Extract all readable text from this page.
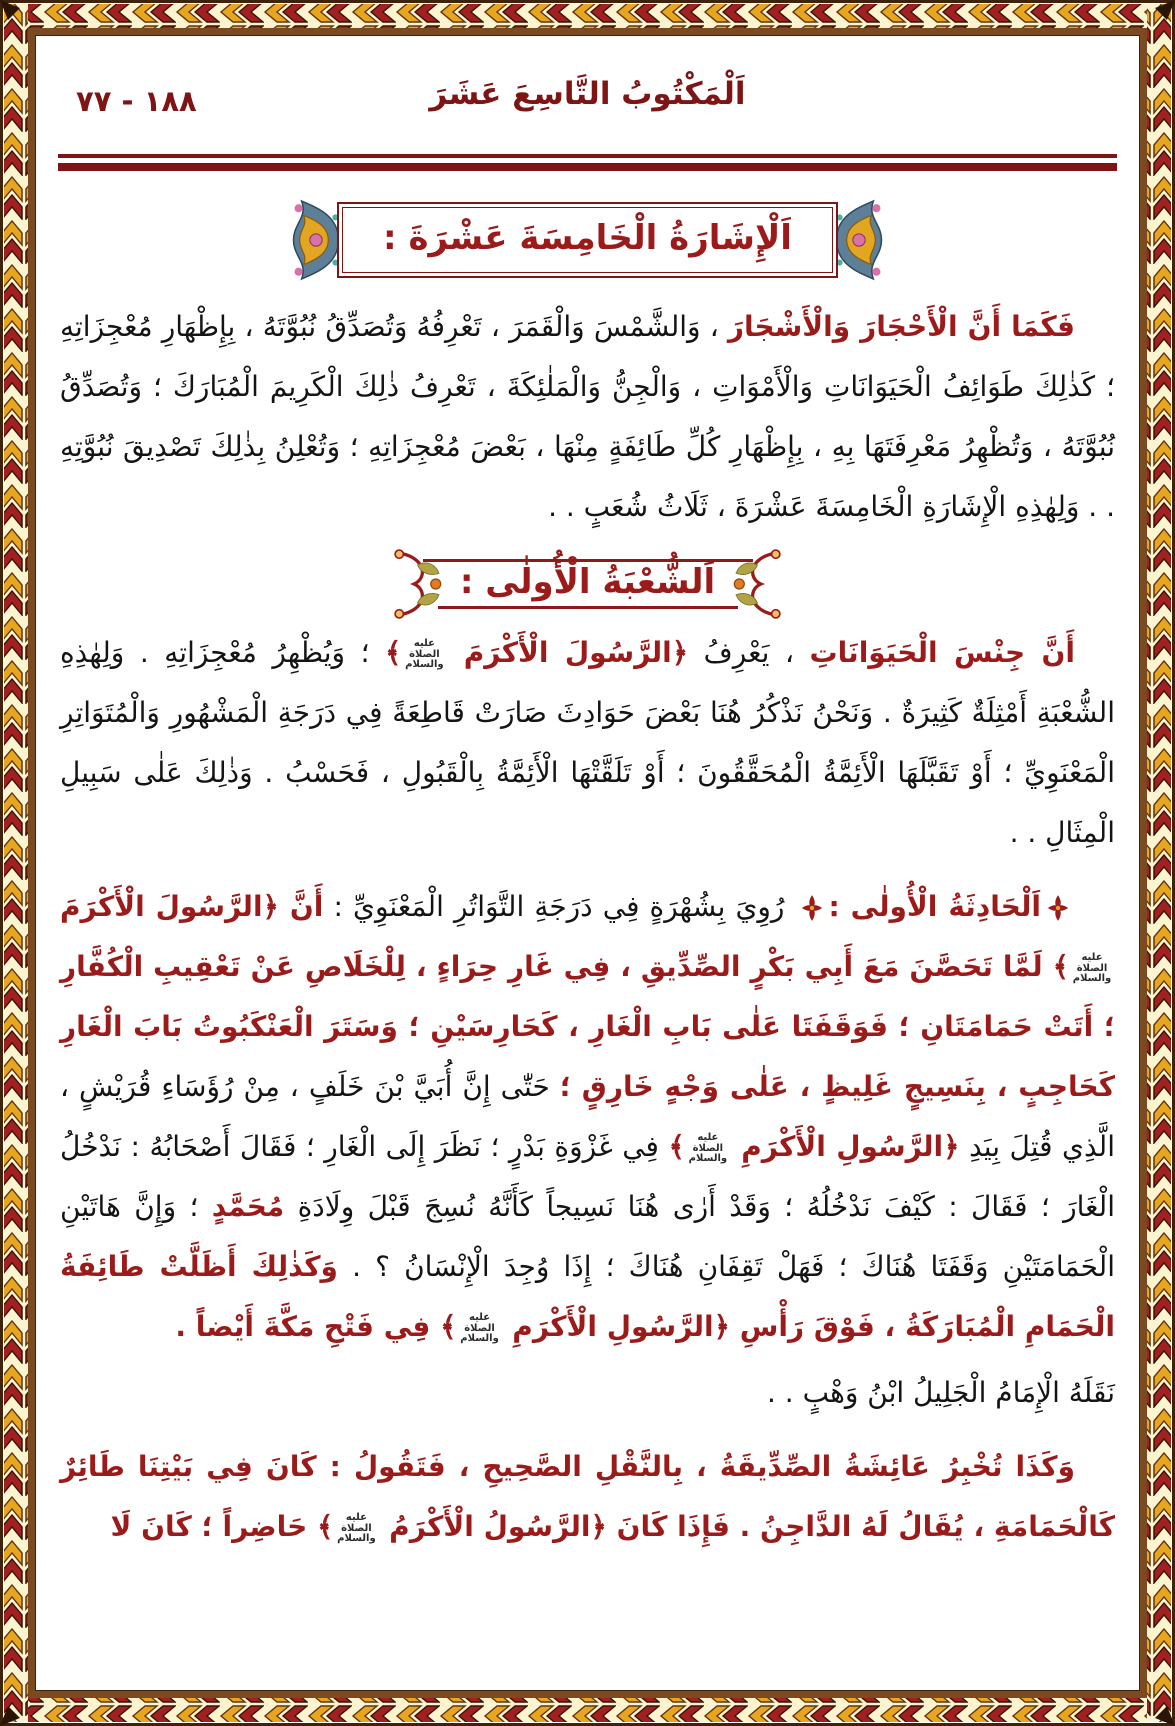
١٨٨ - ٧٧	اَلْمَكْتُوبُ التَّاسِعَ عَشَرَ
اَلْإِشَارَةُ الْخَامِسَةَ عَشْرَةَ :

فَكَمَا أَنَّ الْأَحْجَارَ وَالْأَشْجَارَ ، وَالشَّمْسَ وَالْقَمَرَ ، تَعْرِفُهُ وَتُصَدِّقُ نُبُوَّتَهُ ، بِإِظْهَارِ مُعْجِزَاتِهِ ؛ كَذٰلِكَ طَوَائِفُ الْحَيَوَانَاتِ وَالْأَمْوَاتِ ، وَالْجِنُّ وَالْمَلٰئِكَةَ ، تَعْرِفُ ذٰلِكَ الْكَرِيمَ الْمُبَارَكَ ؛ وَتُصَدِّقُ نُبُوَّتَهُ ، وَتُظْهِرُ مَعْرِفَتَهَا بِهِ ، بِإِظْهَارِ كُلِّ طَائِفَةٍ مِنْهَا ، بَعْضَ مُعْجِزَاتِهِ ؛ وَتُعْلِنُ بِذٰلِكَ تَصْدِيقَ نُبُوَّتِهِ . . وَلِهٰذِهِ الْإِشَارَةِ الْخَامِسَةَ عَشْرَةَ ، ثَلَاثُ شُعَبٍ . .

اَلشُّعْبَةُ الْأُولٰى :

أَنَّ جِنْسَ الْحَيَوَانَاتِ ، يَعْرِفُ ﴿الرَّسُولَ الْأَكْرَمَ عليه الصلاة والسلام﴾ ؛ وَيُظْهِرُ مُعْجِزَاتِهِ . وَلِهٰذِهِ الشُّعْبَةِ أَمْثِلَةٌ كَثِيرَةٌ . وَنَحْنُ نَذْكُرُ هُنَا بَعْضَ حَوَادِثَ صَارَتْ قَاطِعَةً فِي دَرَجَةِ الْمَشْهُورِ وَالْمُتَوَاتِرِ الْمَعْنَوِيِّ ؛ أَوْ تَقَبَّلَهَا الْأَئِمَّةُ الْمُحَقَّقُونَ ؛ أَوْ تَلَقَّتْهَا الْأَئِمَّةُ بِالْقَبُولِ ، فَحَسْبُ . وَذٰلِكَ عَلٰى سَبِيلِ الْمِثَالِ . .

اَلْحَادِثَةُ الْأُولٰى : رُوِيَ بِشُهْرَةٍ فِي دَرَجَةِ التَّوَاتُرِ الْمَعْنَوِيِّ : أَنَّ ﴿الرَّسُولَ الْأَكْرَمَ عليه الصلاة والسلام﴾ لَمَّا تَحَصَّنَ مَعَ أَبِي بَكْرٍ الصِّدِّيقِ ، فِي غَارِ حِرَاءٍ ، لِلْخَلَاصِ عَنْ تَعْقِيبِ الْكُفَّارِ ؛ أَتَتْ حَمَامَتَانِ ؛ فَوَقَفَتَا عَلٰى بَابِ الْغَارِ ، كَحَارِسَيْنِ ؛ وَسَتَرَ الْعَنْكَبُوتُ بَابَ الْغَارِ كَحَاجِبٍ ، بِنَسِيجٍ غَلِيظٍ ، عَلٰى وَجْهٍ خَارِقٍ ؛ حَتّٰى إِنَّ أُبَيَّ بْنَ خَلَفٍ ، مِنْ رُؤَسَاءِ قُرَيْشٍ ، الَّذِي قُتِلَ بِيَدِ ﴿الرَّسُولِ الْأَكْرَمِ عليه الصلاة والسلام﴾ فِي غَزْوَةِ بَدْرٍ ؛ نَظَرَ إِلَى الْغَارِ ؛ فَقَالَ أَصْحَابُهُ : نَدْخُلُ الْغَارَ ؛ فَقَالَ : كَيْفَ نَدْخُلُهُ ؛ وَقَدْ أَرٰى هُنَا نَسِيجاً كَأَنَّهُ نُسِجَ قَبْلَ وِلَادَةِ مُحَمَّدٍ ؛ وَإِنَّ هَاتَيْنِ الْحَمَامَتَيْنِ وَقَفَتَا هُنَاكَ ؛ فَهَلْ تَقِفَانِ هُنَاكَ ؛ إِذَا وُجِدَ الْإِنْسَانُ ؟ . وَكَذٰلِكَ أَظَلَّتْ طَائِفَةُ الْحَمَامِ الْمُبَارَكَةُ ، فَوْقَ رَأْسِ ﴿الرَّسُولِ الْأَكْرَمِ عليه الصلاة والسلام﴾ فِي فَتْحِ مَكَّةَ أَيْضاً .

نَقَلَهُ الْإِمَامُ الْجَلِيلُ ابْنُ وَهْبٍ . .

وَكَذَا تُخْبِرُ عَائِشَةُ الصِّدِّيقَةُ ، بِالنَّقْلِ الصَّحِيحِ ، فَتَقُولُ : كَانَ فِي بَيْتِنَا طَائِرٌ كَالْحَمَامَةِ ، يُقَالُ لَهُ الدَّاجِنُ . فَإِذَا كَانَ ﴿الرَّسُولُ الْأَكْرَمُ عليه الصلاة والسلام﴾ حَاضِراً ؛ كَانَ لَا
